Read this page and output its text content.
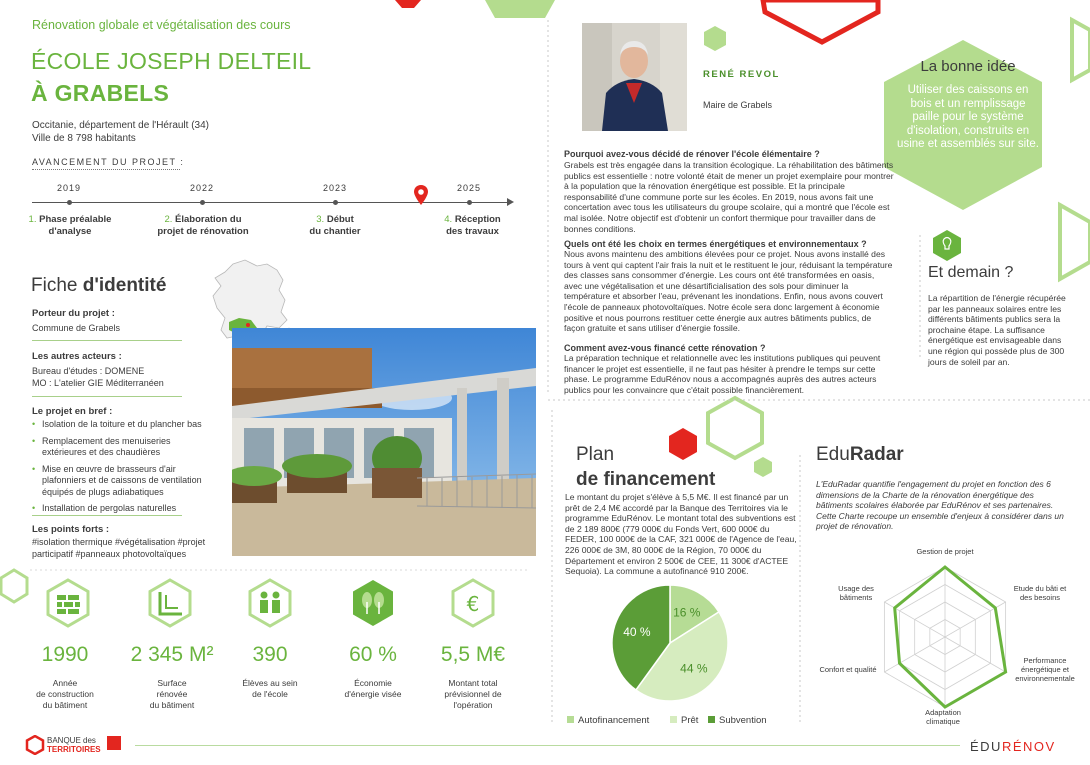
Rénovation globale et végétalisation des cours
ÉCOLE JOSEPH DELTEIL
À GRABELS
Occitanie, département de l'Hérault (34)
Ville de 8 798 habitants
AVANCEMENT DU PROJET :
2019	2022	2023	2025
1. Phase préalable
d'analyse
2. Élaboration du
projet de rénovation
3. Début
du chantier
4. Réception
des travaux
Fiche d'identité
Porteur du projet :
Commune de Grabels
Les autres acteurs :
Bureau d'études : DOMENE
MO : L'atelier GIE Méditerranéen
Le projet en bref :
• Isolation de la toiture et du plancher bas
• Remplacement des menuiseries extérieures et des chaudières
• Mise en œuvre de brasseurs d'air plafonniers et de caissons de ventilation équipés de plugs adiabatiques
• Installation de pergolas naturelles
Les points forts :
#isolation thermique #végétalisation #projet participatif #panneaux photovoltaïques
€
1990	2 345 M²	390	60 %	5,5 M€
Année
de construction
du bâtiment
Surface
rénovée
du bâtiment
Élèves au sein
de l'école
Économie
d'énergie visée
Montant total
prévisionnel de
l'opération
RENÉ REVOL
Maire de Grabels
Pourquoi avez-vous décidé de rénover l'école élémentaire ?
Grabels est très engagée dans la transition écologique. La réhabilitation des bâtiments publics est essentielle : notre volonté était de mener un projet exemplaire pour montrer à la population que la rénovation énergétique est possible. Et la principale responsabilité d'une commune porte sur les écoles. En 2019, nous avons fait une concertation avec tous les utilisateurs du groupe scolaire, qui a montré que l'école est mal isolée. Notre objectif est d'obtenir un confort thermique pour travailler dans de bonnes conditions.
Quels ont été les choix en termes énergétiques et environnementaux ?
Nous avons maintenu des ambitions élevées pour ce projet. Nous avons installé des tours à vent qui captent l'air frais la nuit et le restituent le jour, réduisant la température des classes sans consommer d'énergie. Les cours ont été transformées en oasis, avec une végétalisation et une désartificialisation des sols pour diminuer la température et absorber l'eau, prévenant les inondations. Enfin, nous avons couvert l'école de panneaux photovoltaïques. Notre école sera donc largement à économie positive et nous pourrons restituer cette énergie aux autres bâtiments publics, de façon gratuite et sans utiliser d'énergie fossile.
Comment avez-vous financé cette rénovation ?
La préparation technique et relationnelle avec les institutions publiques qui peuvent financer le projet est essentielle, il ne faut pas hésiter à prendre le temps sur cette phase. Le programme EduRénov nous a accompagnés auprès des autres acteurs publics pour les convaincre que c'était possible financièrement.
La bonne idée
Utiliser des caissons en bois et un remplissage paille pour le système d'isolation, construits en usine et assemblés sur site.
Et demain ?
La répartition de l'énergie récupérée par les panneaux solaires entre les différents bâtiments publics sera la prochaine étape. La suffisance énergétique est envisageable dans une région qui possède plus de 300 jours de soleil par an.
Plan
de financement
Le montant du projet s'élève à 5,5 M€. Il est financé par un prêt de 2,4 M€ accordé par la Banque des Territoires via le programme EduRénov. Le montant total des subventions est de 2 189 800€ (779 000€ du Fonds Vert, 600 000€ du FEDER, 100 000€ de la CAF, 321 000€ de l'Agence de l'eau, 226 000€ de 3M, 80 000€ de la Région, 70 000€ du Département et environ 2 500€ de CEE, 11 300€ d'ACTEE Sequoia). La commune a autofinancé 910 200€.
16 %
44 %
40 %
Autofinancement	Prêt	Subvention
EduRadar
L'EduRadar quantifie l'engagement du projet en fonction des 6 dimensions de la Charte de la rénovation énergétique des bâtiments scolaires élaborée par EduRénov et ses partenaires. Cette Charte recoupe un ensemble d'enjeux à considérer dans un projet de rénovation.
Gestion de projet
Etude du bâti et
des besoins
Performance
énergétique et environnementale
Adaptation
climatique
Confort et qualité
Usage des
bâtiments
BANQUE des
TERRITOIRES	ÉDURÉNOV
